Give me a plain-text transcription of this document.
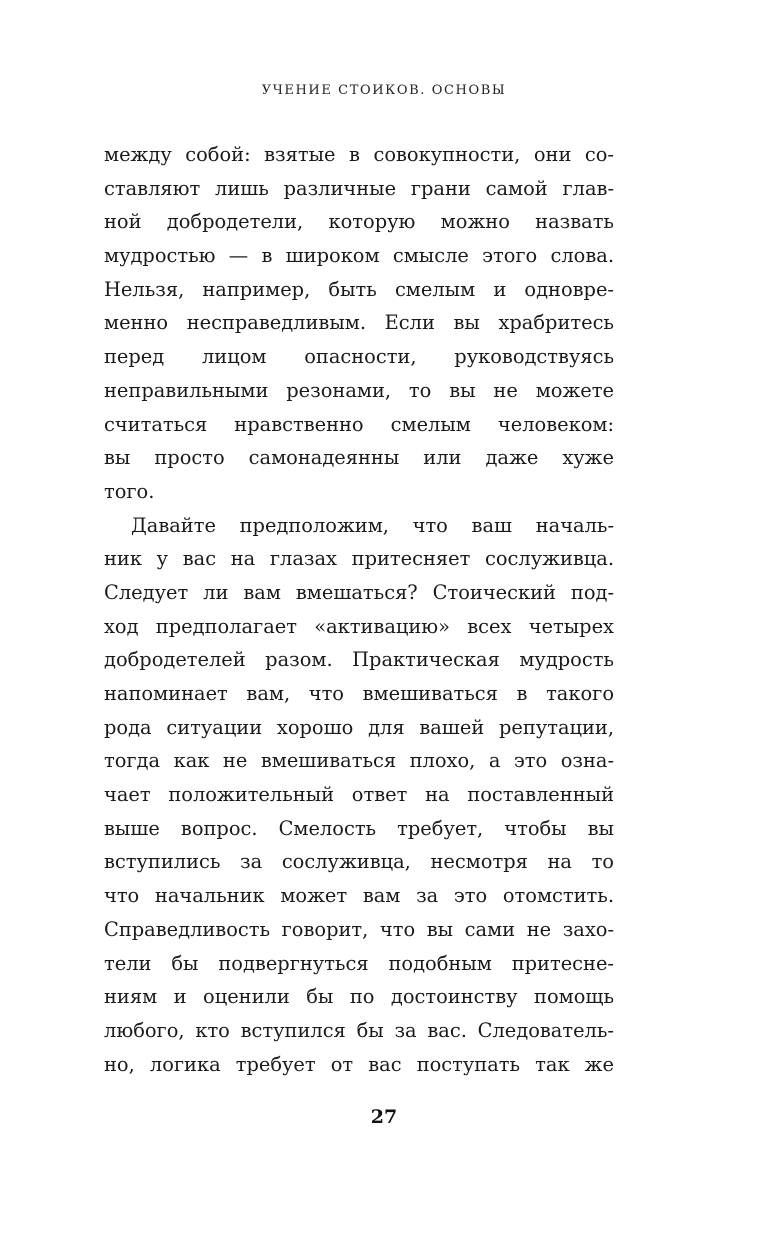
УЧЕНИЕ СТОИКОВ. ОСНОВЫ
между собой: взятые в совокупности, они со-
ставляют лишь различные грани самой глав-
ной добродетели, которую можно назвать
мудростью — в широком смысле этого слова.
Нельзя, например, быть смелым и одновре-
менно несправедливым. Если вы храбритесь
перед лицом опасности, руководствуясь
неправильными резонами, то вы не можете
считаться нравственно смелым человеком:
вы просто самонадеянны или даже хуже
того.
Давайте предположим, что ваш началь-
ник у вас на глазах притесняет сослуживца.
Следует ли вам вмешаться? Стоический под-
ход предполагает «активацию» всех четырех
добродетелей разом. Практическая мудрость
напоминает вам, что вмешиваться в такого
рода ситуации хорошо для вашей репутации,
тогда как не вмешиваться плохо, а это озна-
чает положительный ответ на поставленный
выше вопрос. Смелость требует, чтобы вы
вступились за сослуживца, несмотря на то
что начальник может вам за это отомстить.
Справедливость говорит, что вы сами не захо-
тели бы подвергнуться подобным притесне-
ниям и оценили бы по достоинству помощь
любого, кто вступился бы за вас. Следователь-
но, логика требует от вас поступать так же
27
